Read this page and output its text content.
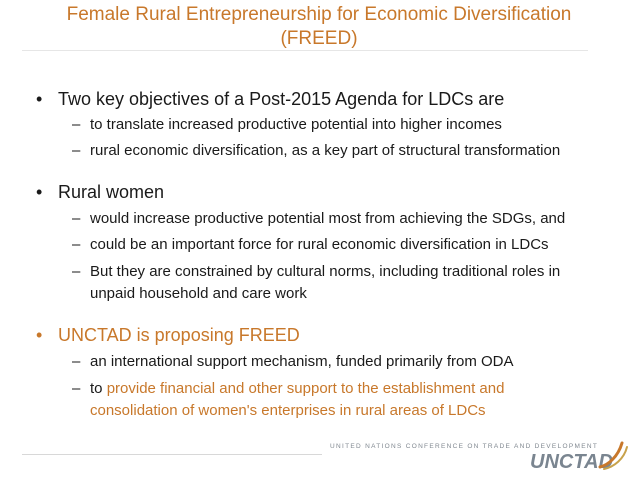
Female Rural Entrepreneurship for Economic Diversification
(FREED)
• Two key objectives of a Post-2015 Agenda for LDCs are
– to translate increased productive potential into higher incomes
– rural economic diversification, as a key part of structural transformation
• Rural women
– would increase productive potential most from achieving the SDGs, and
– could be an important force for rural economic diversification in LDCs
– But they are constrained by cultural norms, including traditional roles in
unpaid household and care work
• UNCTAD is proposing FREED
– an international support mechanism, funded primarily from ODA
– to provide financial and other support to the establishment and
consolidation of women's enterprises in rural areas of LDCs
UNITED NATIONS CONFERENCE ON TRADE AND DEVELOPMENT
UNCTAD
